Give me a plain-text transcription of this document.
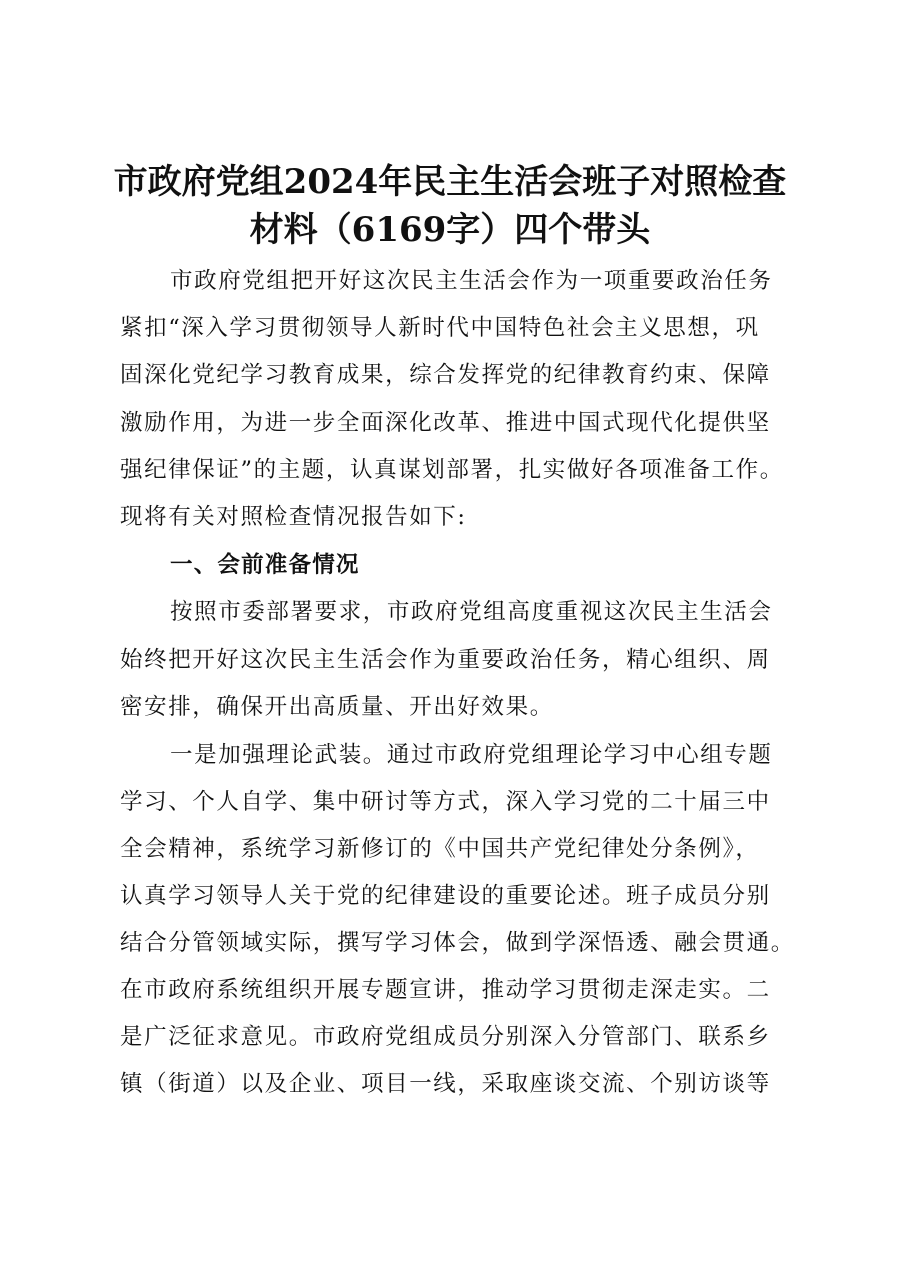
市政府党组2024年民主生活会班子对照检查
材料（6169字）四个带头
市政府党组把开好这次民主生活会作为一项重要政治任务
紧扣“深入学习贯彻领导人新时代中国特色社会主义思想，巩
固深化党纪学习教育成果，综合发挥党的纪律教育约束、保障
激励作用，为进一步全面深化改革、推进中国式现代化提供坚
强纪律保证”的主题，认真谋划部署，扎实做好各项准备工作。
现将有关对照检查情况报告如下:
一、会前准备情况
按照市委部署要求，市政府党组高度重视这次民主生活会
始终把开好这次民主生活会作为重要政治任务，精心组织、周
密安排，确保开出高质量、开出好效果。
一是加强理论武装。通过市政府党组理论学习中心组专题
学习、个人自学、集中研讨等方式，深入学习党的二十届三中
全会精神，系统学习新修订的《中国共产党纪律处分条例》，
认真学习领导人关于党的纪律建设的重要论述。班子成员分别
结合分管领域实际，撰写学习体会，做到学深悟透、融会贯通。
在市政府系统组织开展专题宣讲，推动学习贯彻走深走实。二
是广泛征求意见。市政府党组成员分别深入分管部门、联系乡
镇（街道）以及企业、项目一线，采取座谈交流、个别访谈等
